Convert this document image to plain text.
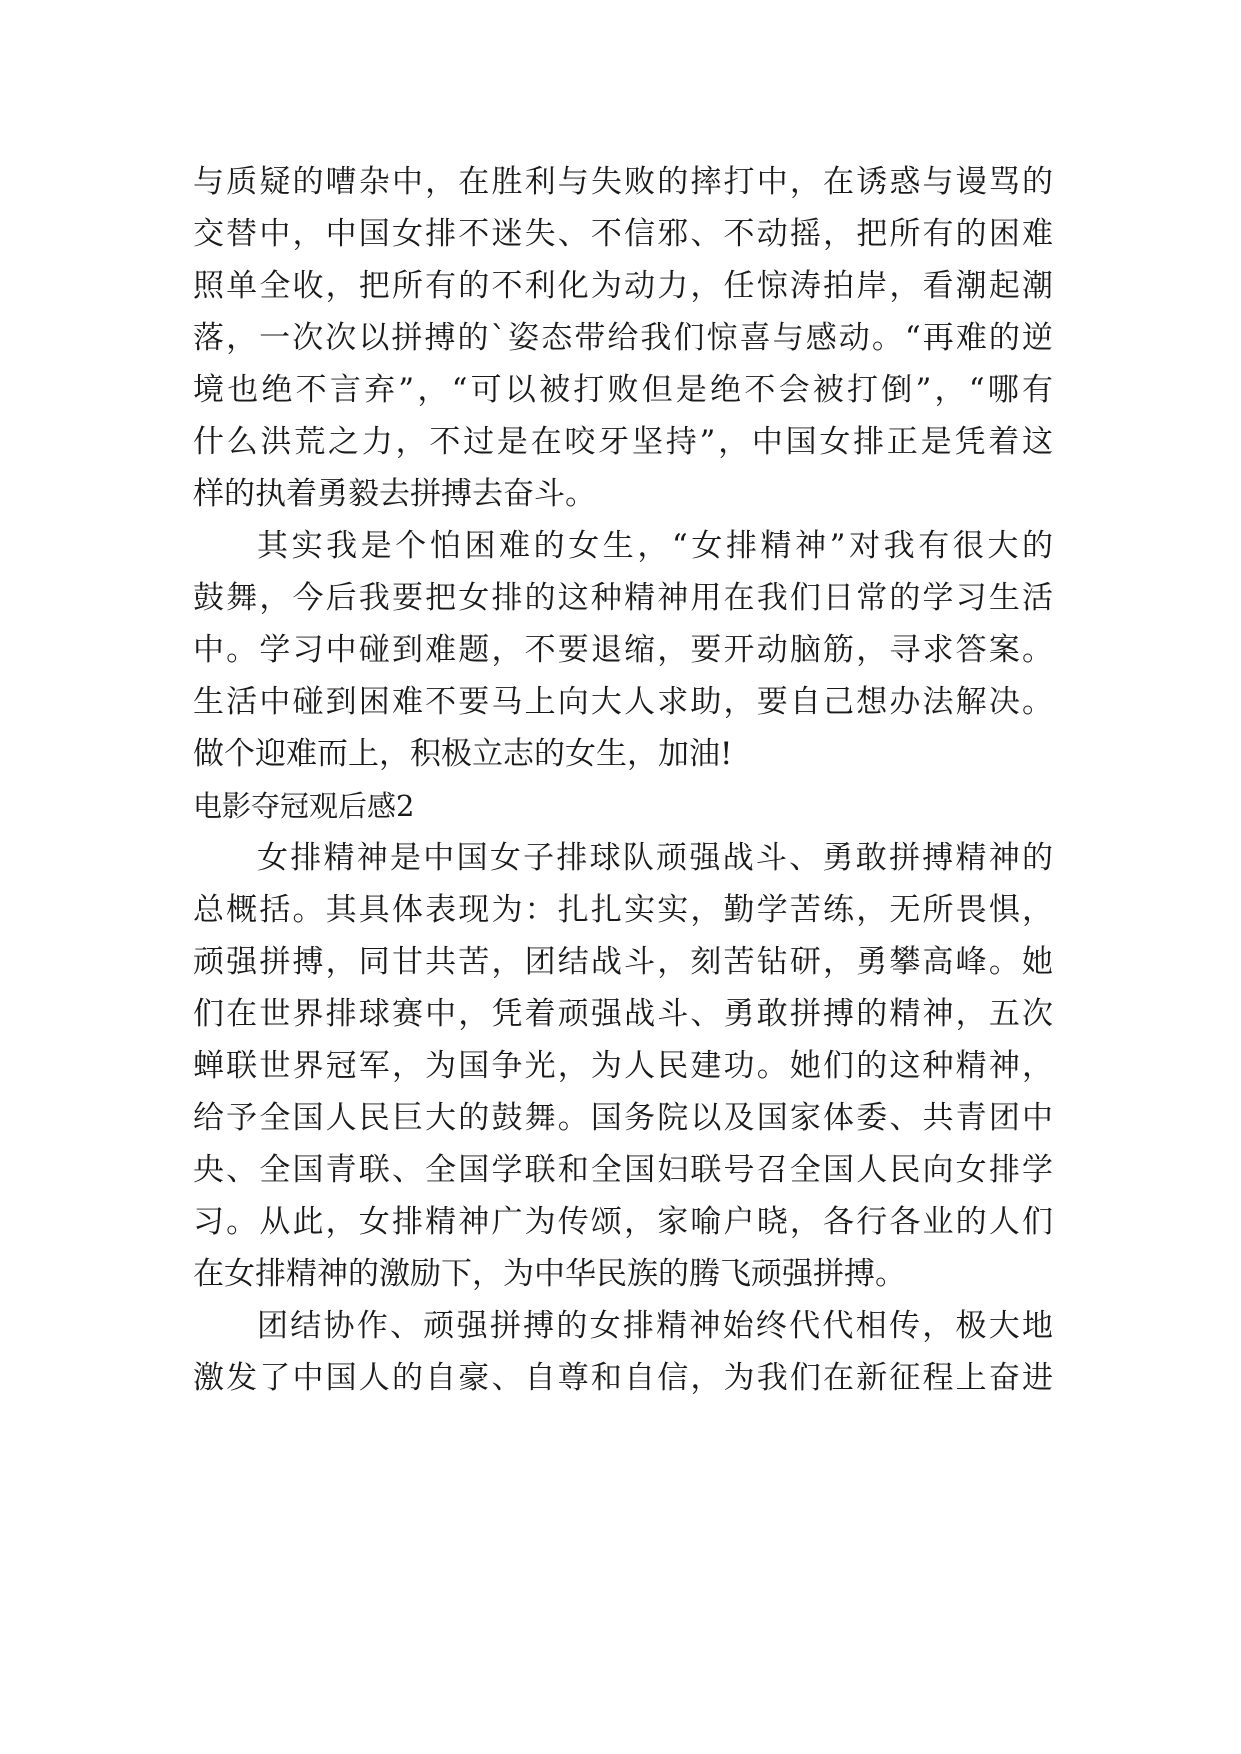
与质疑的嘈杂中，在胜利与失败的摔打中，在诱惑与谩骂的
交替中，中国女排不迷失、不信邪、不动摇，把所有的困难
照单全收，把所有的不利化为动力，任惊涛拍岸，看潮起潮
落，一次次以拼搏的`姿态带给我们惊喜与感动。“再难的逆
境也绝不言弃”，“可以被打败但是绝不会被打倒”，“哪有
什么洪荒之力，不过是在咬牙坚持”，中国女排正是凭着这
样的执着勇毅去拼搏去奋斗。
其实我是个怕困难的女生，“女排精神”对我有很大的
鼓舞，今后我要把女排的这种精神用在我们日常的学习生活
中。学习中碰到难题，不要退缩，要开动脑筋，寻求答案。
生活中碰到困难不要马上向大人求助，要自己想办法解决。
做个迎难而上，积极立志的女生，加油!
电影夺冠观后感2
女排精神是中国女子排球队顽强战斗、勇敢拼搏精神的
总概括。其具体表现为：扎扎实实，勤学苦练，无所畏惧，
顽强拼搏，同甘共苦，团结战斗，刻苦钻研，勇攀高峰。她
们在世界排球赛中，凭着顽强战斗、勇敢拼搏的精神，五次
蝉联世界冠军，为国争光，为人民建功。她们的这种精神，
给予全国人民巨大的鼓舞。国务院以及国家体委、共青团中
央、全国青联、全国学联和全国妇联号召全国人民向女排学
习。从此，女排精神广为传颂，家喻户晓，各行各业的人们
在女排精神的激励下，为中华民族的腾飞顽强拼搏。
团结协作、顽强拼搏的女排精神始终代代相传，极大地
激发了中国人的自豪、自尊和自信，为我们在新征程上奋进
